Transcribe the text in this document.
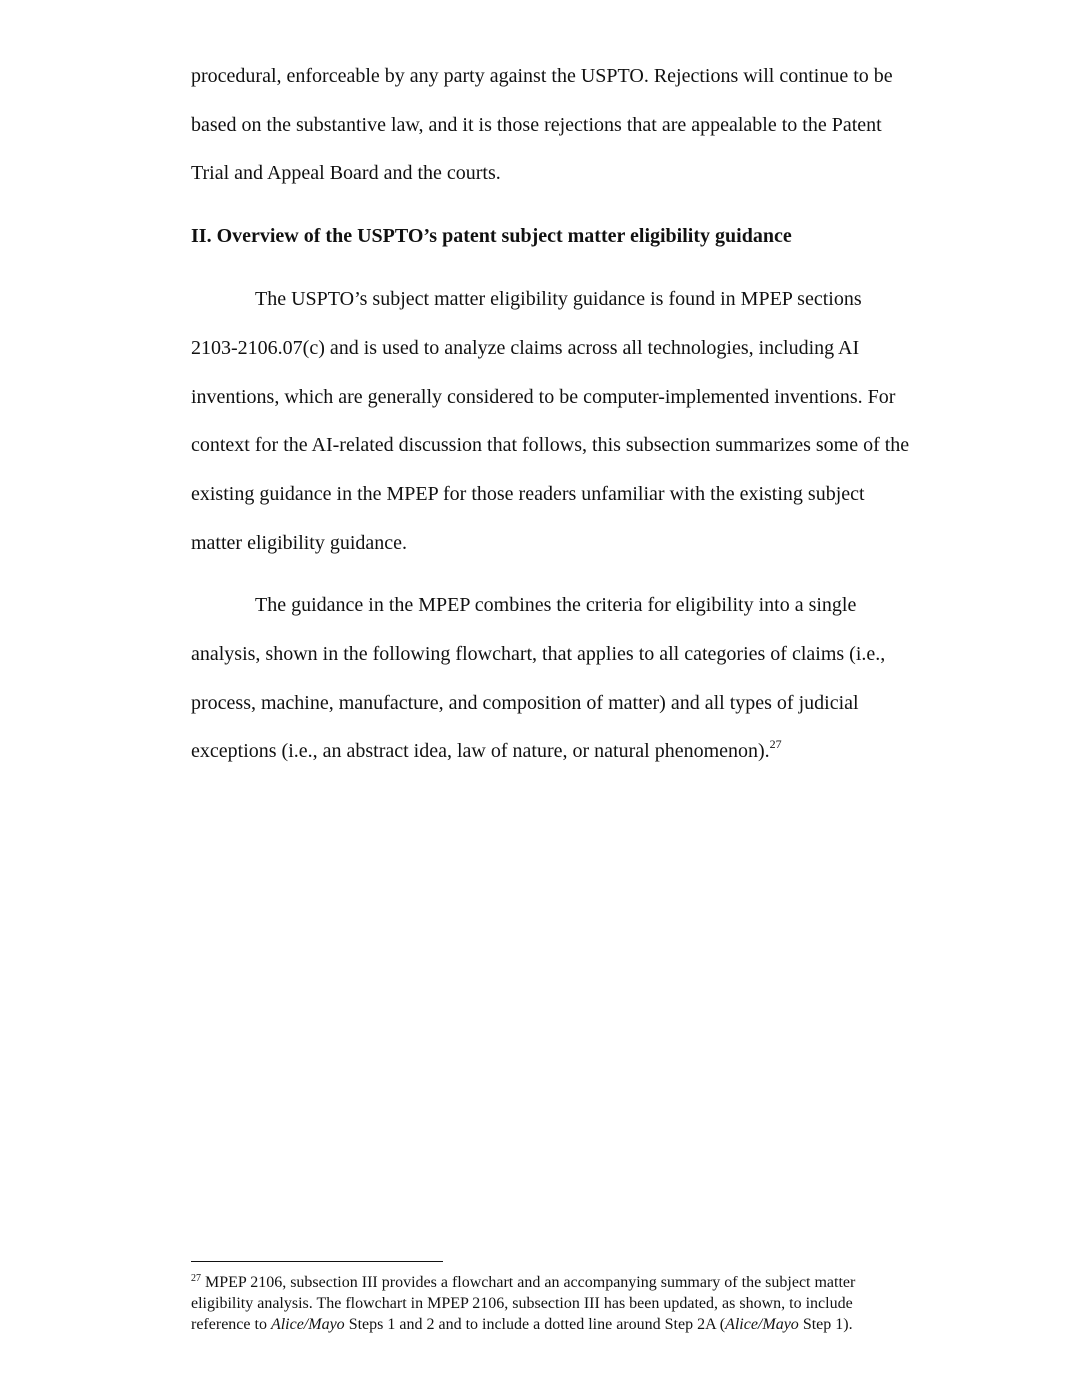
procedural, enforceable by any party against the USPTO. Rejections will continue to be
based on the substantive law, and it is those rejections that are appealable to the Patent
Trial and Appeal Board and the courts.
II. Overview of the USPTO’s patent subject matter eligibility guidance
The USPTO’s subject matter eligibility guidance is found in MPEP sections
2103-2106.07(c) and is used to analyze claims across all technologies, including AI
inventions, which are generally considered to be computer-implemented inventions. For
context for the AI-related discussion that follows, this subsection summarizes some of the
existing guidance in the MPEP for those readers unfamiliar with the existing subject
matter eligibility guidance.
The guidance in the MPEP combines the criteria for eligibility into a single
analysis, shown in the following flowchart, that applies to all categories of claims (i.e.,
process, machine, manufacture, and composition of matter) and all types of judicial
exceptions (i.e., an abstract idea, law of nature, or natural phenomenon).$^{27}$
$^{27}$ MPEP 2106, subsection III provides a flowchart and an accompanying summary of the subject matter
eligibility analysis. The flowchart in MPEP 2106, subsection III has been updated, as shown, to include
reference to Alice/Mayo Steps 1 and 2 and to include a dotted line around Step 2A (Alice/Mayo Step 1).
